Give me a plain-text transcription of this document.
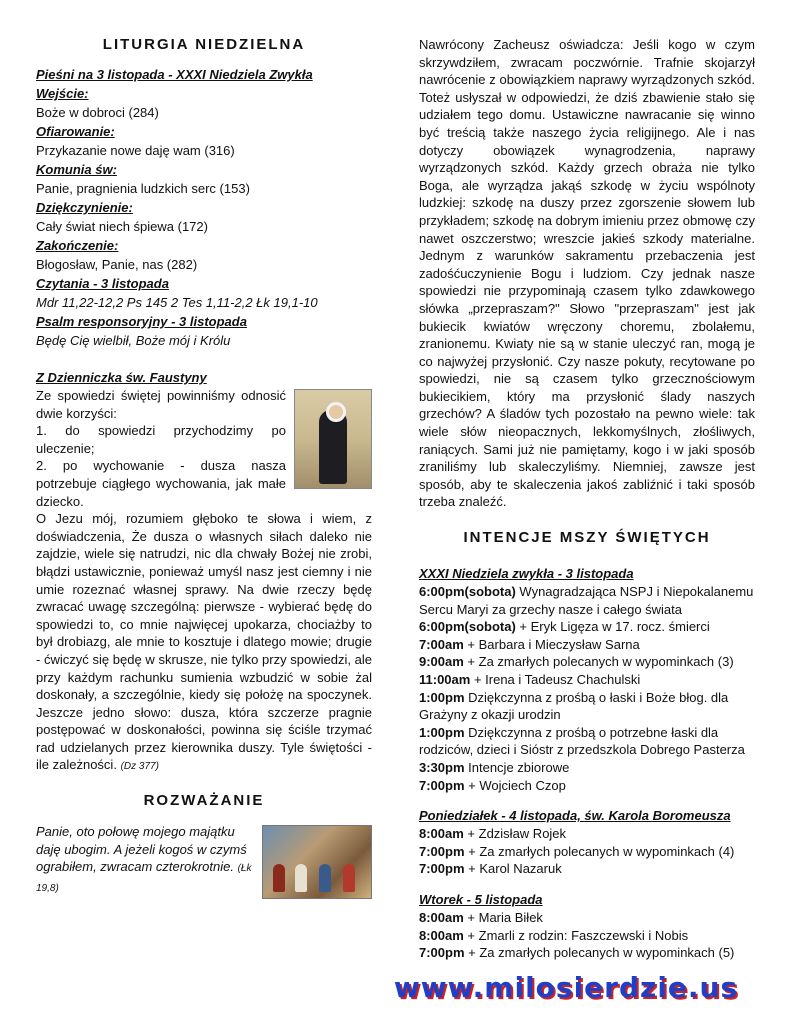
LITURGIA NIEDZIELNA
Pieśni na 3 listopada - XXXI Niedziela Zwykła
Wejście:
Boże w dobroci (284)
Ofiarowanie:
Przykazanie nowe daję wam (316)
Komunia św:
Panie, pragnienia ludzkich serc (153)
Dziękczynienie:
Cały świat niech śpiewa (172)
Zakończenie:
Błogosław, Panie, nas (282)
Czytania - 3 listopada
Mdr 11,22-12,2 Ps 145 2 Tes 1,11-2,2 Łk 19,1-10
Psalm responsoryjny - 3 listopada
Będę Cię wielbił, Boże mój i Królu
Z Dzienniczka św. Faustyny
Ze spowiedzi świętej powinniśmy odnosić dwie korzyści:
1. do spowiedzi przychodzimy po uleczenie;
2. po wychowanie - dusza nasza potrzebuje ciągłego wychowania, jak małe dziecko.
O Jezu mój, rozumiem głęboko te słowa i wiem, z doświadczenia, Że dusza o własnych siłach daleko nie zajdzie, wiele się natrudzi, nic dla chwały Bożej nie zrobi, błądzi ustawicznie, ponieważ umyśl nasz jest ciemny i nie umie rozeznać własnej sprawy. Na dwie rzeczy będę zwracać uwagę szczególną: pierwsze - wybierać będę do spowiedzi to, co mnie najwięcej upokarza, chociażby to był drobiazg, ale mnie to kosztuje i dlatego mowie; drugie - ćwiczyć się będę w skrusze, nie tylko przy spowiedzi, ale przy każdym rachunku sumienia wzbudzić w sobie żal doskonały, a szczególnie, kiedy się położę na spoczynek. Jeszcze jedno słowo: dusza, która szczerze pragnie postępować w doskonałości, powinna się ściśle trzymać rad udzielanych przez kierownika duszy. Tyle świętości - ile zależności. (Dz 377)
ROZWAŻANIE
Panie, oto połowę mojego majątku daję ubogim. A jeżeli kogoś w czymś ograbiłem, zwracam czterokrotnie. (Łk 19,8)
Nawrócony Zacheusz oświadcza: Jeśli kogo w czym skrzywdziłem, zwracam poczwórnie. Trafnie skojarzył nawrócenie z obowiązkiem naprawy wyrządzonych szkód. Toteż usłyszał w odpowiedzi, że dziś zbawienie stało się udziałem tego domu. Ustawiczne nawracanie się winno być treścią także naszego życia religijnego. Ale i nas dotyczy obowiązek wynagrodzenia, naprawy wyrządzonych szkód. Każdy grzech obraża nie tylko Boga, ale wyrządza jakąś szkodę w życiu wspólnoty ludzkiej: szkodę na duszy przez zgorszenie słowem lub przykładem; szkodę na dobrym imieniu przez obmowę czy nawet oszczerstwo; wreszcie jakieś szkody materialne. Jednym z warunków sakramentu przebaczenia jest zadośćuczynienie Bogu i ludziom. Czy jednak nasze spowiedzi nie przypominają czasem tylko zdawkowego słówka „przepraszam?" Słowo "przepraszam" jest jak bukiecik kwiatów wręczony choremu, zbolałemu, zranionemu. Kwiaty nie są w stanie uleczyć ran, mogą je co najwyżej przysłonić. Czy nasze pokuty, recytowane po spowiedzi, nie są czasem tylko grzecznościowym bukiecikiem, który ma przysłonić ślady naszych grzechów? A śladów tych pozostało na pewno wiele: tak wiele słów nieopacznych, lekkomyślnych, złośliwych, raniących. Sami już nie pamiętamy, kogo i w jaki sposób zraniliśmy lub skaleczyliśmy. Niemniej, zawsze jest sposób, aby te skaleczenia jakoś zabliźnić i taki sposób trzeba znaleźć.
INTENCJE MSZY ŚWIĘTYCH
XXXI Niedziela zwykła - 3 listopada
6:00pm(sobota) Wynagradzająca NSPJ i Niepokalanemu Sercu Maryi za grzechy nasze i całego świata
6:00pm(sobota) + Eryk Ligęza w 17. rocz. śmierci
7:00am + Barbara i Mieczysław Sarna
9:00am + Za zmarłych polecanych w wypominkach (3)
11:00am + Irena i Tadeusz Chachulski
1:00pm Dziękczynna z prośbą o łaski i Boże błog. dla Grażyny z okazji urodzin
1:00pm Dziękczynna z prośbą o potrzebne łaski dla rodziców, dzieci i Sióstr z przedszkola Dobrego Pasterza
3:30pm Intencje zbiorowe
7:00pm + Wojciech Czop
Poniedziałek - 4 listopada, św. Karola Boromeusza
8:00am + Zdzisław Rojek
7:00pm + Za zmarłych polecanych w wypominkach (4)
7:00pm + Karol Nazaruk
Wtorek - 5 listopada
8:00am + Maria Biłek
8:00am + Zmarli z rodzin: Faszczewski i Nobis
7:00pm + Za zmarłych polecanych w wypominkach (5)
www.milosierdzie.us
